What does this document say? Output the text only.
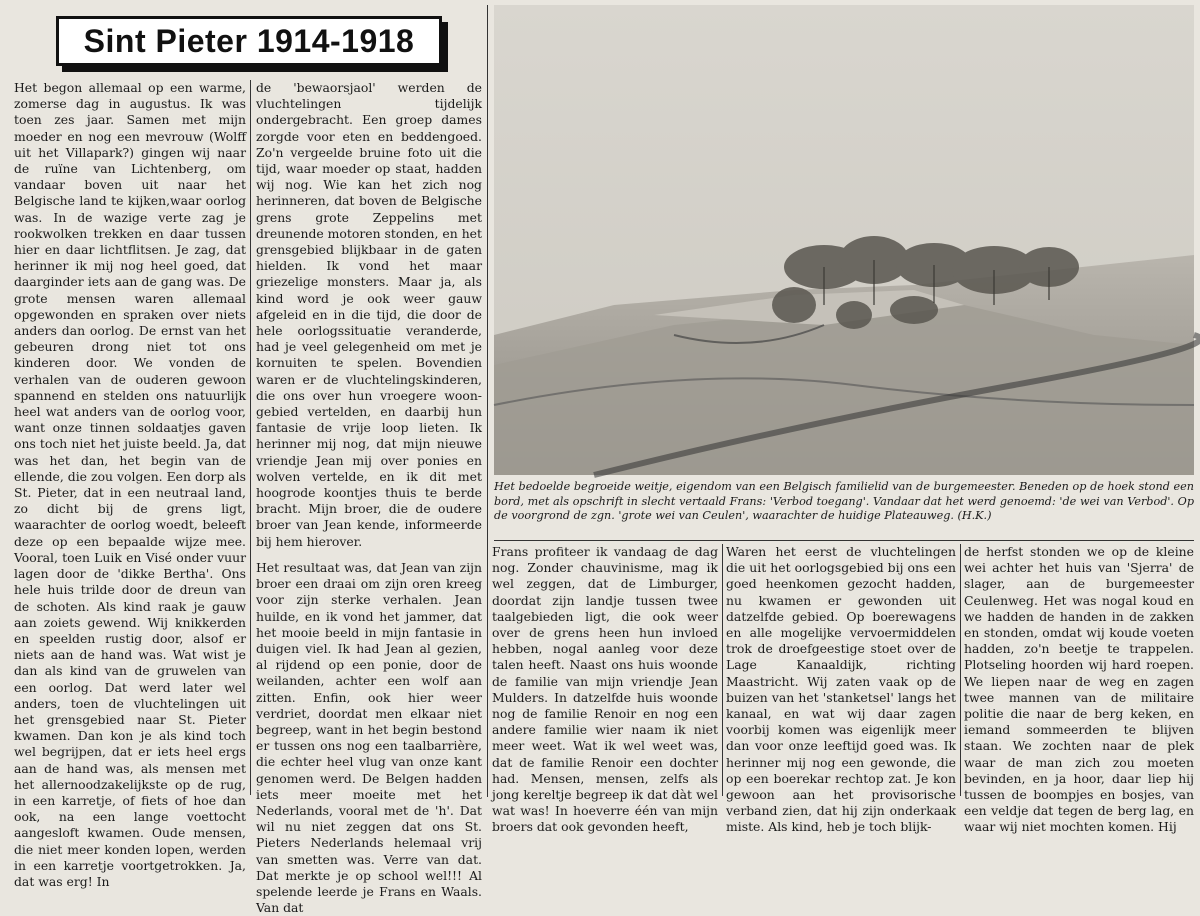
Sint Pieter 1914-1918

Het begon allemaal op een warme, zomerse dag in augustus. Ik was toen zes jaar. Samen met mijn moeder en nog een mevrouw (Wolff uit het Villapark?) gingen wij naar de ruïne van Lichtenberg, om vandaar boven uit naar het Belgische land te kijken,waar oorlog was. In de wazige verte zag je rookwolken trekken en daar tussen hier en daar lichtflitsen. Je zag, dat herinner ik mij nog heel goed, dat daarginder iets aan de gang was. De grote mensen waren allemaal opgewonden en spraken over niets anders dan oorlog. De ernst van het gebeuren drong niet tot ons kinderen door. We vonden de verhalen van de ouderen gewoon spannend en stelden ons natuurlijk heel wat anders van de oorlog voor, want onze tinnen soldaatjes gaven ons toch niet het juiste beeld. Ja, dat was het dan, het begin van de ellende, die zou volgen. Een dorp als St. Pieter, dat in een neutraal land, zo dicht bij de grens ligt, waarachter de oorlog woedt, beleeft deze op een bepaalde wijze mee. Vooral, toen Luik en Visé onder vuur lagen door de 'dikke Bertha'. Ons hele huis trilde door de dreun van de schoten. Als kind raak je gauw aan zoiets gewend. Wij knikkerden en speelden rustig door, alsof er niets aan de hand was. Wat wist je dan als kind van de gruwelen van een oorlog. Dat werd later wel anders, toen de vluchtelingen uit het grensgebied naar St. Pieter kwamen. Dan kon je als kind toch wel begrijpen, dat er iets heel ergs aan de hand was, als mensen met het allernoodzakelijkste op de rug, in een karretje, of fiets of hoe dan ook, na een lange voettocht aangesloft kwamen. Oude mensen, die niet meer konden lopen, werden in een karretje voortgetrokken. Ja, dat was erg! In

de 'bewaorsjaol' werden de vluchtelingen tijdelijk ondergebracht. Een groep dames zorgde voor eten en beddengoed. Zo'n vergeelde bruine foto uit die tijd, waar moeder op staat, hadden wij nog. Wie kan het zich nog herinneren, dat boven de Belgische grens grote Zeppelins met dreunende motoren stonden, en het grensgebied blijkbaar in de gaten hielden. Ik vond het maar griezelige monsters. Maar ja, als kind word je ook weer gauw afgeleid en in die tijd, die door de hele oorlogssituatie veranderde, had je veel gelegenheid om met je kornuiten te spelen. Bovendien waren er de vluchtelingskinderen, die ons over hun vroegere woon-gebied vertelden, en daarbij hun fantasie de vrije loop lieten. Ik herinner mij nog, dat mijn nieuwe vriendje Jean mij over ponies en wolven vertelde, en ik dit met hoogrode koontjes thuis te berde bracht. Mijn broer, die de oudere broer van Jean kende, informeerde bij hem hierover.

Het resultaat was, dat Jean van zijn broer een draai om zijn oren kreeg voor zijn sterke verhalen. Jean huilde, en ik vond het jammer, dat het mooie beeld in mijn fantasie in duigen viel. Ik had Jean al gezien, al rijdend op een ponie, door de weilanden, achter een wolf aan zitten. Enfin, ook hier weer verdriet, doordat men elkaar niet begreep, want in het begin bestond er tussen ons nog een taalbarrière, die echter heel vlug van onze kant genomen werd. De Belgen hadden iets meer moeite met het Nederlands, vooral met de 'h'. Dat wil nu niet zeggen dat ons St. Pieters Nederlands helemaal vrij van smetten was. Verre van dat. Dat merkte je op school wel!!! Al spelende leerde je Frans en Waals. Van dat

Het bedoelde begroeide weitje, eigendom van een Belgisch familielid van de burgemeester. Beneden op de hoek stond een bord, met als opschrift in slecht vertaald Frans: 'Verbod toegang'. Vandaar dat het werd genoemd: 'de wei van Verbod'. Op de voorgrond de zgn. 'grote wei van Ceulen', waarachter de huidige Plateauweg. (H.K.)

Frans profiteer ik vandaag de dag nog. Zonder chauvinisme, mag ik wel zeggen, dat de Limburger, doordat zijn landje tussen twee taalgebieden ligt, die ook weer over de grens heen hun invloed hebben, nogal aanleg voor deze talen heeft. Naast ons huis woonde de familie van mijn vriendje Jean Mulders. In datzelfde huis woonde nog de familie Renoir en nog een andere familie wier naam ik niet meer weet. Wat ik wel weet was, dat de familie Renoir een dochter had. Mensen, mensen, zelfs als jong kereltje begreep ik dat dàt wel wat was! In hoeverre één van mijn broers dat ook gevonden heeft,

Waren het eerst de vluchtelingen die uit het oorlogsgebied bij ons een goed heenkomen gezocht hadden, nu kwamen er gewonden uit datzelfde gebied. Op boerewagens en alle mogelijke vervoermiddelen trok de droefgeestige stoet over de Lage Kanaaldijk, richting Maastricht. Wij zaten vaak op de buizen van het 'stanketsel' langs het kanaal, en wat wij daar zagen voorbij komen was eigenlijk meer dan voor onze leeftijd goed was. Ik herinner mij nog een gewonde, die op een boerekar rechtop zat. Je kon gewoon aan het provisorische verband zien, dat hij zijn onderkaak miste. Als kind, heb je toch blijk-

de herfst stonden we op de kleine wei achter het huis van 'Sjerra' de slager, aan de burgemeester Ceulenweg. Het was nogal koud en we hadden de handen in de zakken en stonden, omdat wij koude voeten hadden, zo'n beetje te trappelen. Plotseling hoorden wij hard roepen. We liepen naar de weg en zagen twee mannen van de militaire politie die naar de berg keken, en iemand sommeerden te blijven staan. We zochten naar de plek waar de man zich zou moeten bevinden, en ja hoor, daar liep hij tussen de boompjes en bosjes, van een veldje dat tegen de berg lag, en waar wij niet mochten komen. Hij
